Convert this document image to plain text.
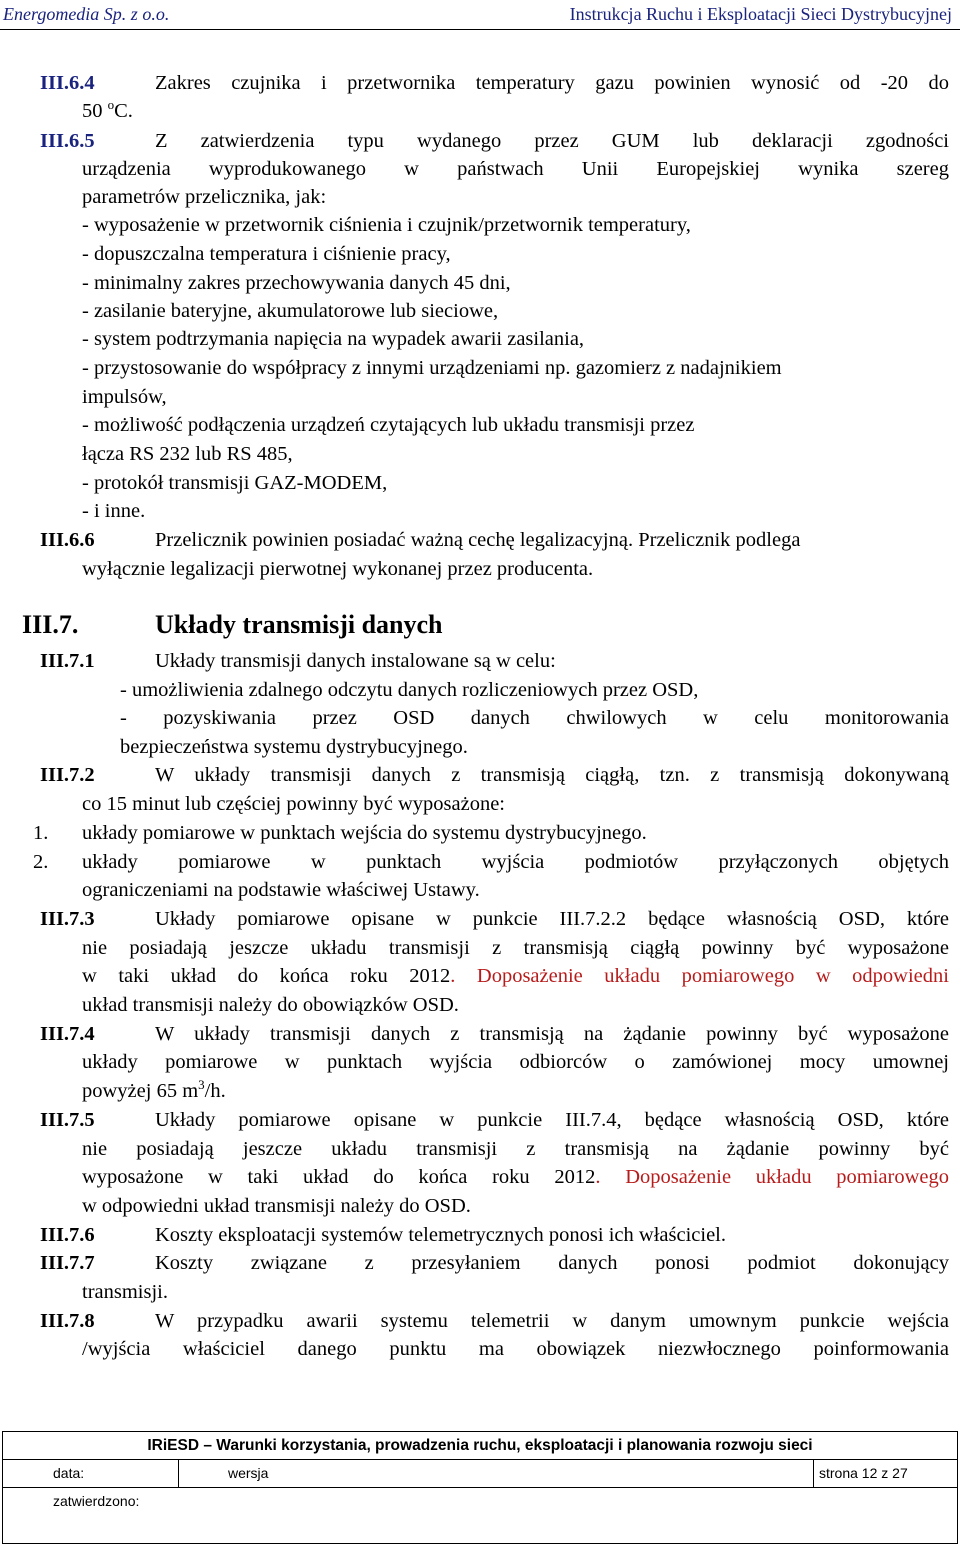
Energomedia Sp. z o.o.	Instrukcja Ruchu i Eksploatacji Sieci Dystrybucyjnej
III.6.4	Zakres czujnika i przetwornika temperatury gazu powinien wynosić od -20 do
50 $^o$C.
III.6.5	Z zatwierdzenia typu wydanego przez GUM lub deklaracji zgodności
urządzenia wyprodukowanego w państwach Unii Europejskiej wynika szereg
parametrów przelicznika, jak:
- wyposażenie w przetwornik ciśnienia i czujnik/przetwornik temperatury,
- dopuszczalna temperatura i ciśnienie pracy,
- minimalny zakres przechowywania danych 45 dni,
- zasilanie bateryjne, akumulatorowe lub sieciowe,
- system podtrzymania napięcia na wypadek awarii zasilania,
- przystosowanie do współpracy z innymi urządzeniami np. gazomierz z nadajnikiem
impulsów,
- możliwość podłączenia urządzeń czytających lub układu transmisji przez
łącza RS 232 lub RS 485,
- protokół transmisji GAZ-MODEM,
- i inne.
III.6.6	Przelicznik powinien posiadać ważną cechę legalizacyjną. Przelicznik podlega
wyłącznie legalizacji pierwotnej wykonanej przez producenta.
III.7.	Układy transmisji danych
III.7.1	Układy transmisji danych instalowane są w celu:
- umożliwienia zdalnego odczytu danych rozliczeniowych przez OSD,
- pozyskiwania przez OSD danych chwilowych w celu monitorowania
bezpieczeństwa systemu dystrybucyjnego.
III.7.2	W układy transmisji danych z transmisją ciągłą, tzn. z transmisją dokonywaną
co 15 minut lub częściej powinny być wyposażone:
1. układy pomiarowe w punktach wejścia do systemu dystrybucyjnego.
2. układy pomiarowe w punktach wyjścia podmiotów przyłączonych objętych
ograniczeniami na podstawie właściwej Ustawy.
III.7.3	Układy pomiarowe opisane w punkcie III.7.2.2 będące własnością OSD, które
nie posiadają jeszcze układu transmisji z transmisją ciągłą powinny być wyposażone
w taki układ do końca roku 2012. Doposażenie układu pomiarowego w odpowiedni
układ transmisji należy do obowiązków OSD.
III.7.4	W układy transmisji danych z transmisją na żądanie powinny być wyposażone
układy pomiarowe w punktach wyjścia odbiorców o zamówionej mocy umownej
powyżej 65 $m^3/h$.
III.7.5	Układy pomiarowe opisane w punkcie III.7.4, będące własnością OSD, które
nie posiadają jeszcze układu transmisji z transmisją na żądanie powinny być
wyposażone w taki układ do końca roku 2012. Doposażenie układu pomiarowego
w odpowiedni układ transmisji należy do OSD.
III.7.6	Koszty eksploatacji systemów telemetrycznych ponosi ich właściciel.
III.7.7	Koszty związane z przesyłaniem danych ponosi podmiot dokonujący
transmisji.
III.7.8	W przypadku awarii systemu telemetrii w danym umownym punkcie wejścia
/wyjścia właściciel danego punktu ma obowiązek niezwłocznego poinformowania
IRiESD – Warunki korzystania, prowadzenia ruchu, eksploatacji i planowania rozwoju sieci
data:	wersja	strona 12 z 27
zatwierdzono:
